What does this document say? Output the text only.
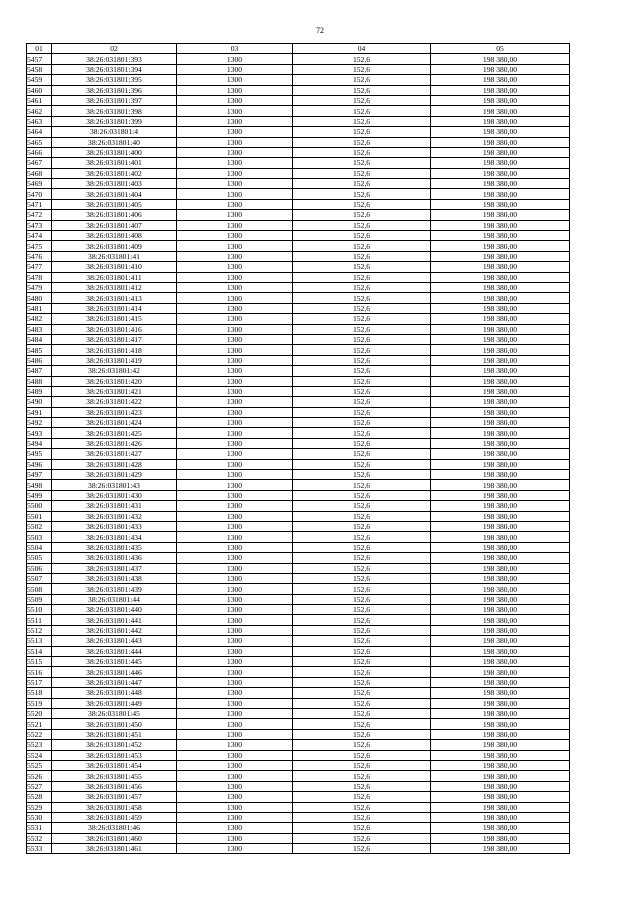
72
01	02	03	04	05
5457	38:26:031801:393	1300	152,6	198 380,00
5458	38:26:031801:394	1300	152,6	198 380,00
5459	38:26:031801:395	1300	152,6	198 380,00
5460	38:26:031801:396	1300	152,6	198 380,00
5461	38:26:031801:397	1300	152,6	198 380,00
5462	38:26:031801:398	1300	152,6	198 380,00
5463	38:26:031801:399	1300	152,6	198 380,00
5464	38:26:031801:4	1300	152,6	198 380,00
5465	38:26:031801:40	1300	152,6	198 380,00
5466	38:26:031801:400	1300	152,6	198 380,00
5467	38:26:031801:401	1300	152,6	198 380,00
5468	38:26:031801:402	1300	152,6	198 380,00
5469	38:26:031801:403	1300	152,6	198 380,00
5470	38:26:031801:404	1300	152,6	198 380,00
5471	38:26:031801:405	1300	152,6	198 380,00
5472	38:26:031801:406	1300	152,6	198 380,00
5473	38:26:031801:407	1300	152,6	198 380,00
5474	38:26:031801:408	1300	152,6	198 380,00
5475	38:26:031801:409	1300	152,6	198 380,00
5476	38:26:031801:41	1300	152,6	198 380,00
5477	38:26:031801:410	1300	152,6	198 380,00
5478	38:26:031801:411	1300	152,6	198 380,00
5479	38:26:031801:412	1300	152,6	198 380,00
5480	38:26:031801:413	1300	152,6	198 380,00
5481	38:26:031801:414	1300	152,6	198 380,00
5482	38:26:031801:415	1300	152,6	198 380,00
5483	38:26:031801:416	1300	152,6	198 380,00
5484	38:26:031801:417	1300	152,6	198 380,00
5485	38:26:031801:418	1300	152,6	198 380,00
5486	38:26:031801:419	1300	152,6	198 380,00
5487	38:26:031801:42	1300	152,6	198 380,00
5488	38:26:031801:420	1300	152,6	198 380,00
5489	38:26:031801:421	1300	152,6	198 380,00
5490	38:26:031801:422	1300	152,6	198 380,00
5491	38:26:031801:423	1300	152,6	198 380,00
5492	38:26:031801:424	1300	152,6	198 380,00
5493	38:26:031801:425	1300	152,6	198 380,00
5494	38:26:031801:426	1300	152,6	198 380,00
5495	38:26:031801:427	1300	152,6	198 380,00
5496	38:26:031801:428	1300	152,6	198 380,00
5497	38:26:031801:429	1300	152,6	198 380,00
5498	38:26:031801:43	1300	152,6	198 380,00
5499	38:26:031801:430	1300	152,6	198 380,00
5500	38:26:031801:431	1300	152,6	198 380,00
5501	38:26:031801:432	1300	152,6	198 380,00
5502	38:26:031801:433	1300	152,6	198 380,00
5503	38:26:031801:434	1300	152,6	198 380,00
5504	38:26:031801:435	1300	152,6	198 380,00
5505	38:26:031801:436	1300	152,6	198 380,00
5506	38:26:031801:437	1300	152,6	198 380,00
5507	38:26:031801:438	1300	152,6	198 380,00
5508	38:26:031801:439	1300	152,6	198 380,00
5509	38:26:031801:44	1300	152,6	198 380,00
5510	38:26:031801:440	1300	152,6	198 380,00
5511	38:26:031801:441	1300	152,6	198 380,00
5512	38:26:031801:442	1300	152,6	198 380,00
5513	38:26:031801:443	1300	152,6	198 380,00
5514	38:26:031801:444	1300	152,6	198 380,00
5515	38:26:031801:445	1300	152,6	198 380,00
5516	38:26:031801:446	1300	152,6	198 380,00
5517	38:26:031801:447	1300	152,6	198 380,00
5518	38:26:031801:448	1300	152,6	198 380,00
5519	38:26:031801:449	1300	152,6	198 380,00
5520	38:26:031801:45	1300	152,6	198 380,00
5521	38:26:031801:450	1300	152,6	198 380,00
5522	38:26:031801:451	1300	152,6	198 380,00
5523	38:26:031801:452	1300	152,6	198 380,00
5524	38:26:031801:453	1300	152,6	198 380,00
5525	38:26:031801:454	1300	152,6	198 380,00
5526	38:26:031801:455	1300	152,6	198 380,00
5527	38:26:031801:456	1300	152,6	198 380,00
5528	38:26:031801:457	1300	152,6	198 380,00
5529	38:26:031801:458	1300	152,6	198 380,00
5530	38:26:031801:459	1300	152,6	198 380,00
5531	38:26:031801:46	1300	152,6	198 380,00
5532	38:26:031801:460	1300	152,6	198 380,00
5533	38:26:031801:461	1300	152,6	198 380,00
